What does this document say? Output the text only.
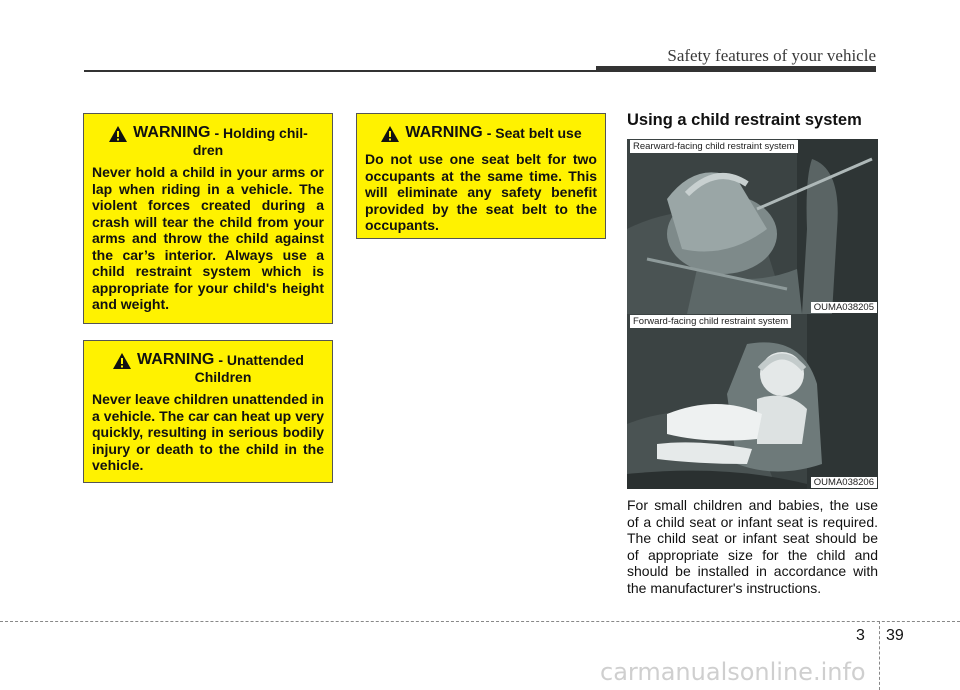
Safety features of your vehicle
WARNING - Holding chil-
dren
Never hold a child in your arms or lap when riding in a vehicle. The violent forces created during a crash will tear the child from your arms and throw the child against the car’s interior. Always use a child restraint system which is appropriate for your child's height and weight.
WARNING - Unattended
Children
Never leave children unattended in a vehicle. The car can heat up very quickly, resulting in serious bodily injury or death to the child in the vehicle.
WARNING - Seat belt use
Do not use one seat belt for two occupants at the same time. This will eliminate any safety benefit provided by the seat belt to the occupants.
Using a child restraint system
Rearward-facing child restraint system
OUMA038205
Forward-facing child restraint system
OUMA038206
For small children and babies, the use of a child seat or infant seat is required. The child seat or infant seat should be of appropriate size for the child and should be installed in accordance with the manufacturer's instructions.
3 39
carmanualsonline.info
